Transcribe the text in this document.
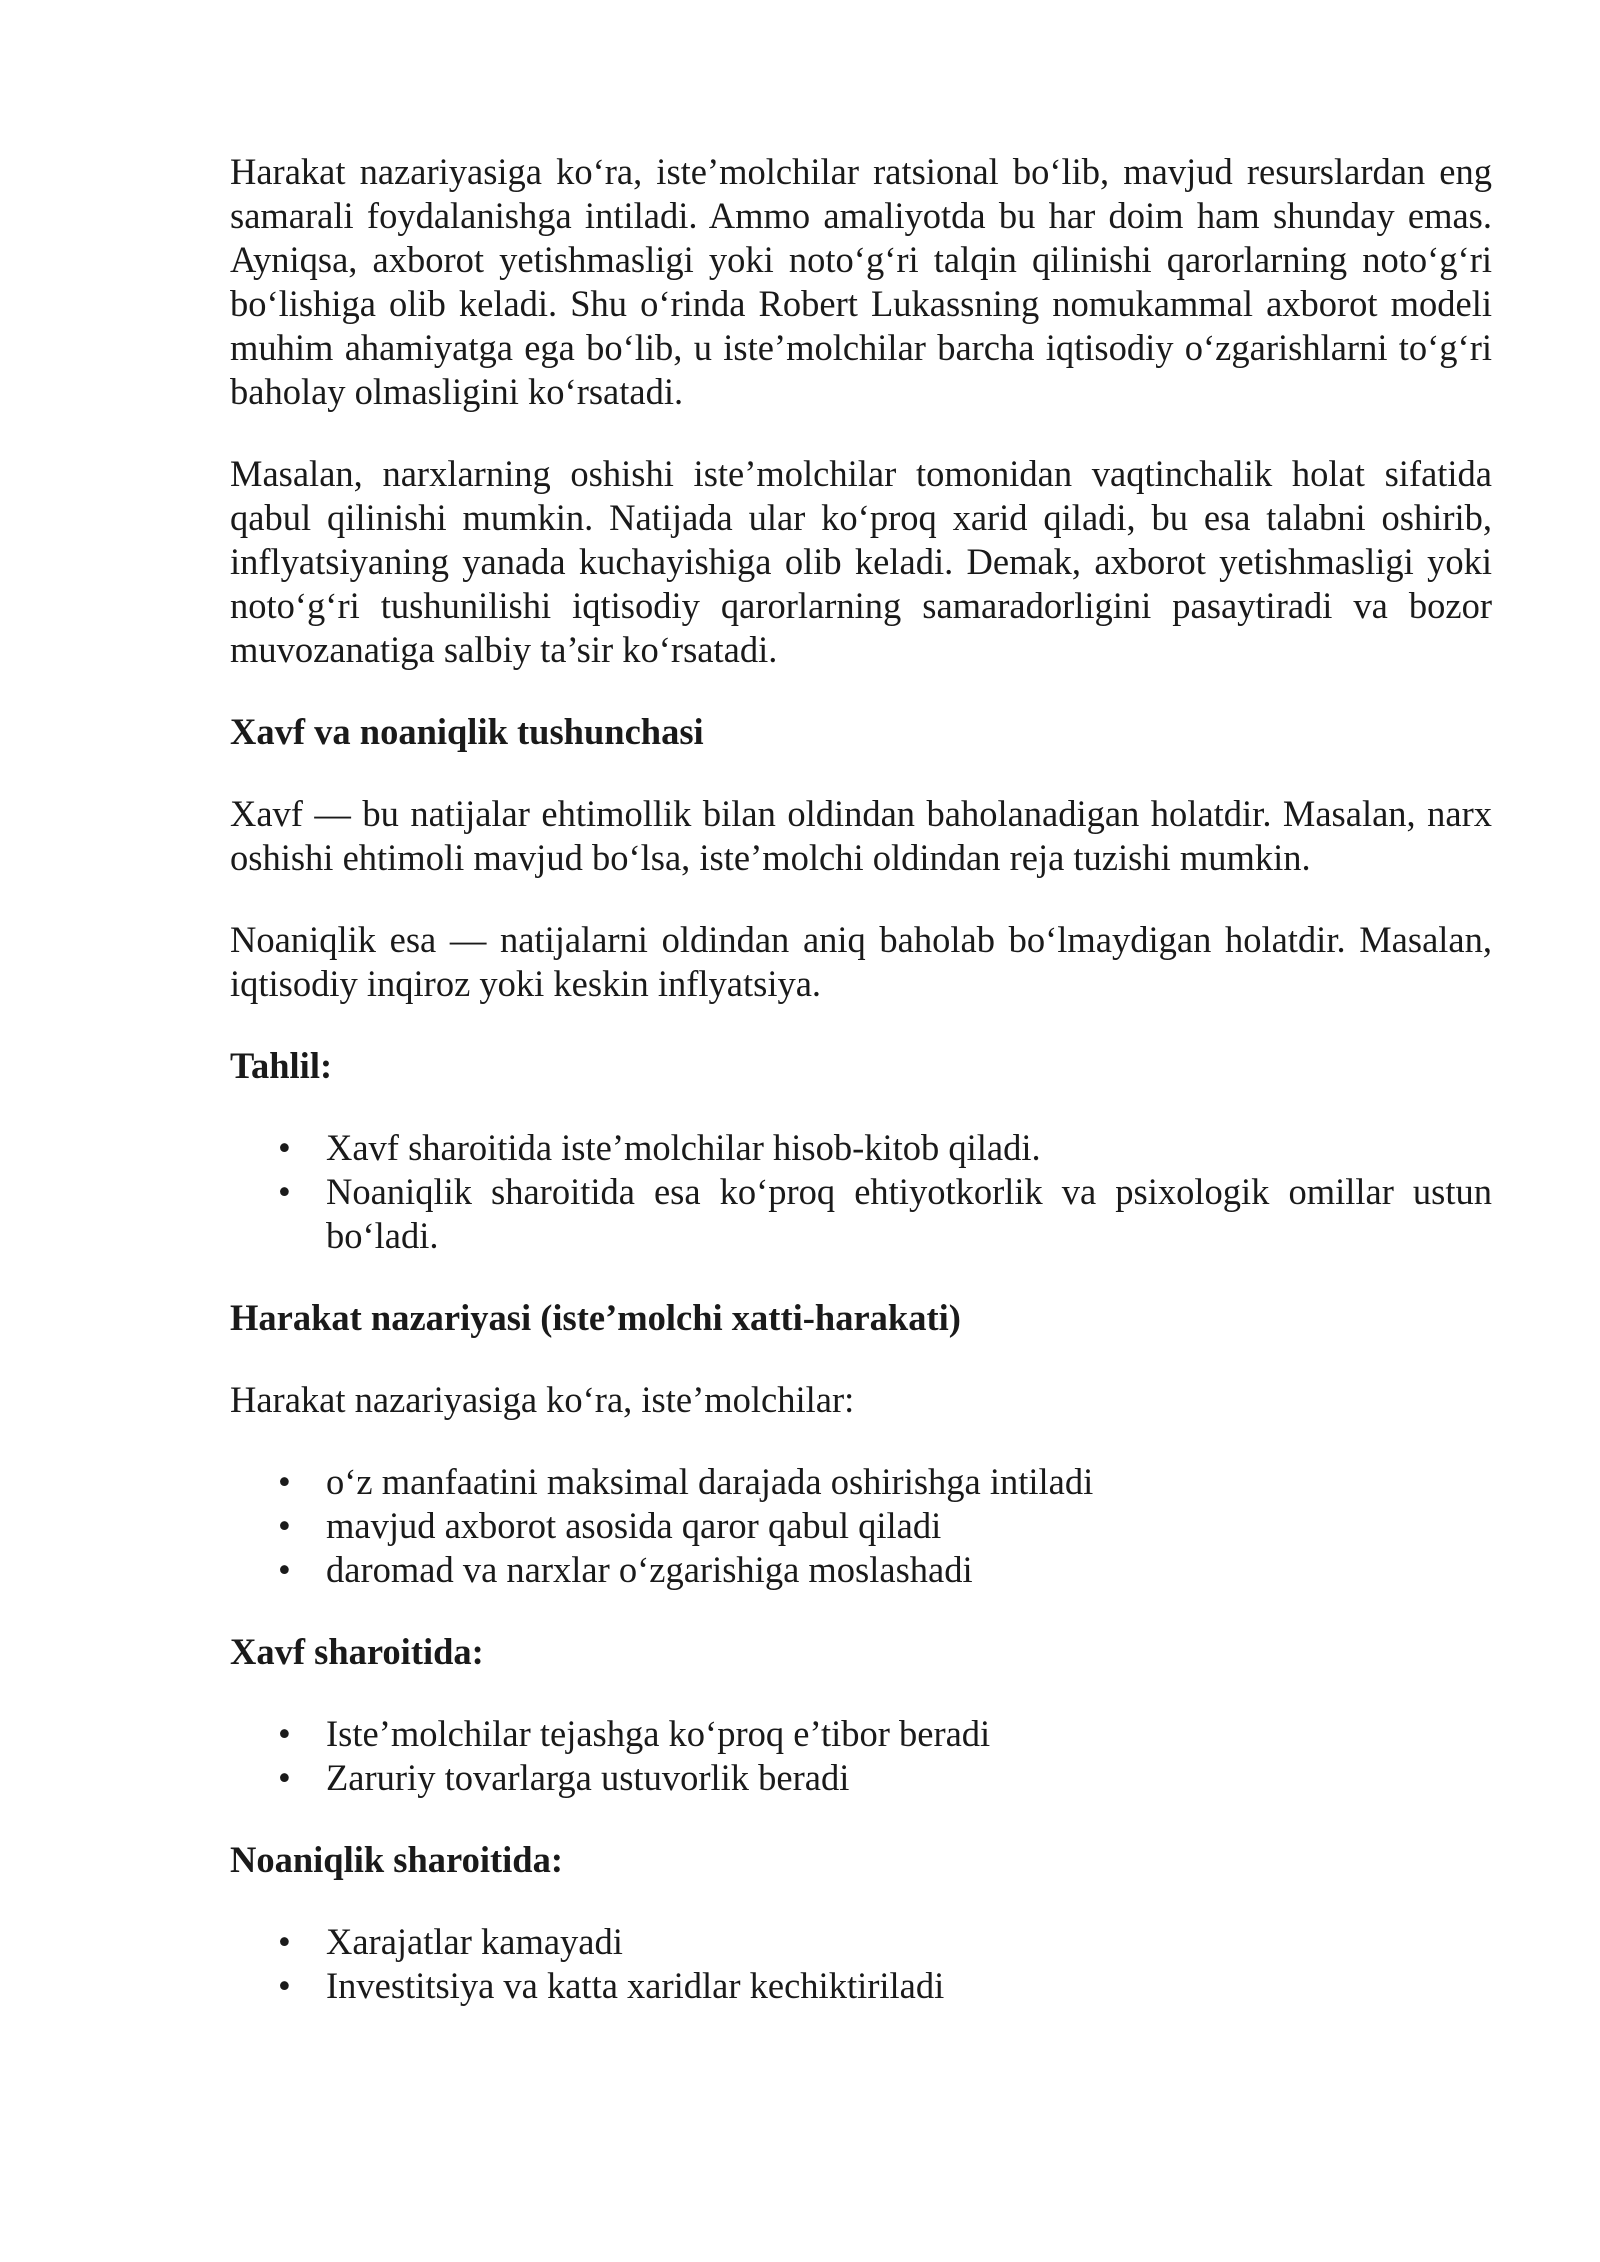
Harakat nazariyasiga ko‘ra, iste’molchilar ratsional bo‘lib, mavjud resurslardan eng samarali foydalanishga intiladi. Ammo amaliyotda bu har doim ham shunday emas. Ayniqsa, axborot yetishmasligi yoki noto‘g‘ri talqin qilinishi qarorlarning noto‘g‘ri bo‘lishiga olib keladi. Shu o‘rinda Robert Lukassning nomukammal axborot modeli muhim ahamiyatga ega bo‘lib, u iste’molchilar barcha iqtisodiy o‘zgarishlarni to‘g‘ri baholay olmasligini ko‘rsatadi.

Masalan, narxlarning oshishi iste’molchilar tomonidan vaqtinchalik holat sifatida qabul qilinishi mumkin. Natijada ular ko‘proq xarid qiladi, bu esa talabni oshirib, inflyatsiyaning yanada kuchayishiga olib keladi. Demak, axborot yetishmasligi yoki noto‘g‘ri tushunilishi iqtisodiy qarorlarning samaradorligini pasaytiradi va bozor muvozanatiga salbiy ta’sir ko‘rsatadi.

Xavf va noaniqlik tushunchasi

Xavf — bu natijalar ehtimollik bilan oldindan baholanadigan holatdir. Masalan, narx oshishi ehtimoli mavjud bo‘lsa, iste’molchi oldindan reja tuzishi mumkin.

Noaniqlik esa — natijalarni oldindan aniq baholab bo‘lmaydigan holatdir. Masalan, iqtisodiy inqiroz yoki keskin inflyatsiya.

Tahlil:
• Xavf sharoitida iste’molchilar hisob-kitob qiladi.
• Noaniqlik sharoitida esa ko‘proq ehtiyotkorlik va psixologik omillar ustun bo‘ladi.
Harakat nazariyasi (iste’molchi xatti-harakati)

Harakat nazariyasiga ko‘ra, iste’molchilar:

• o‘z manfaatini maksimal darajada oshirishga intiladi
• mavjud axborot asosida qaror qabul qiladi
• daromad va narxlar o‘zgarishiga moslashadi
Xavf sharoitida:
• Iste’molchilar tejashga ko‘proq e’tibor beradi
• Zaruriy tovarlarga ustuvorlik beradi
Noaniqlik sharoitida:
• Xarajatlar kamayadi
• Investitsiya va katta xaridlar kechiktiriladi
